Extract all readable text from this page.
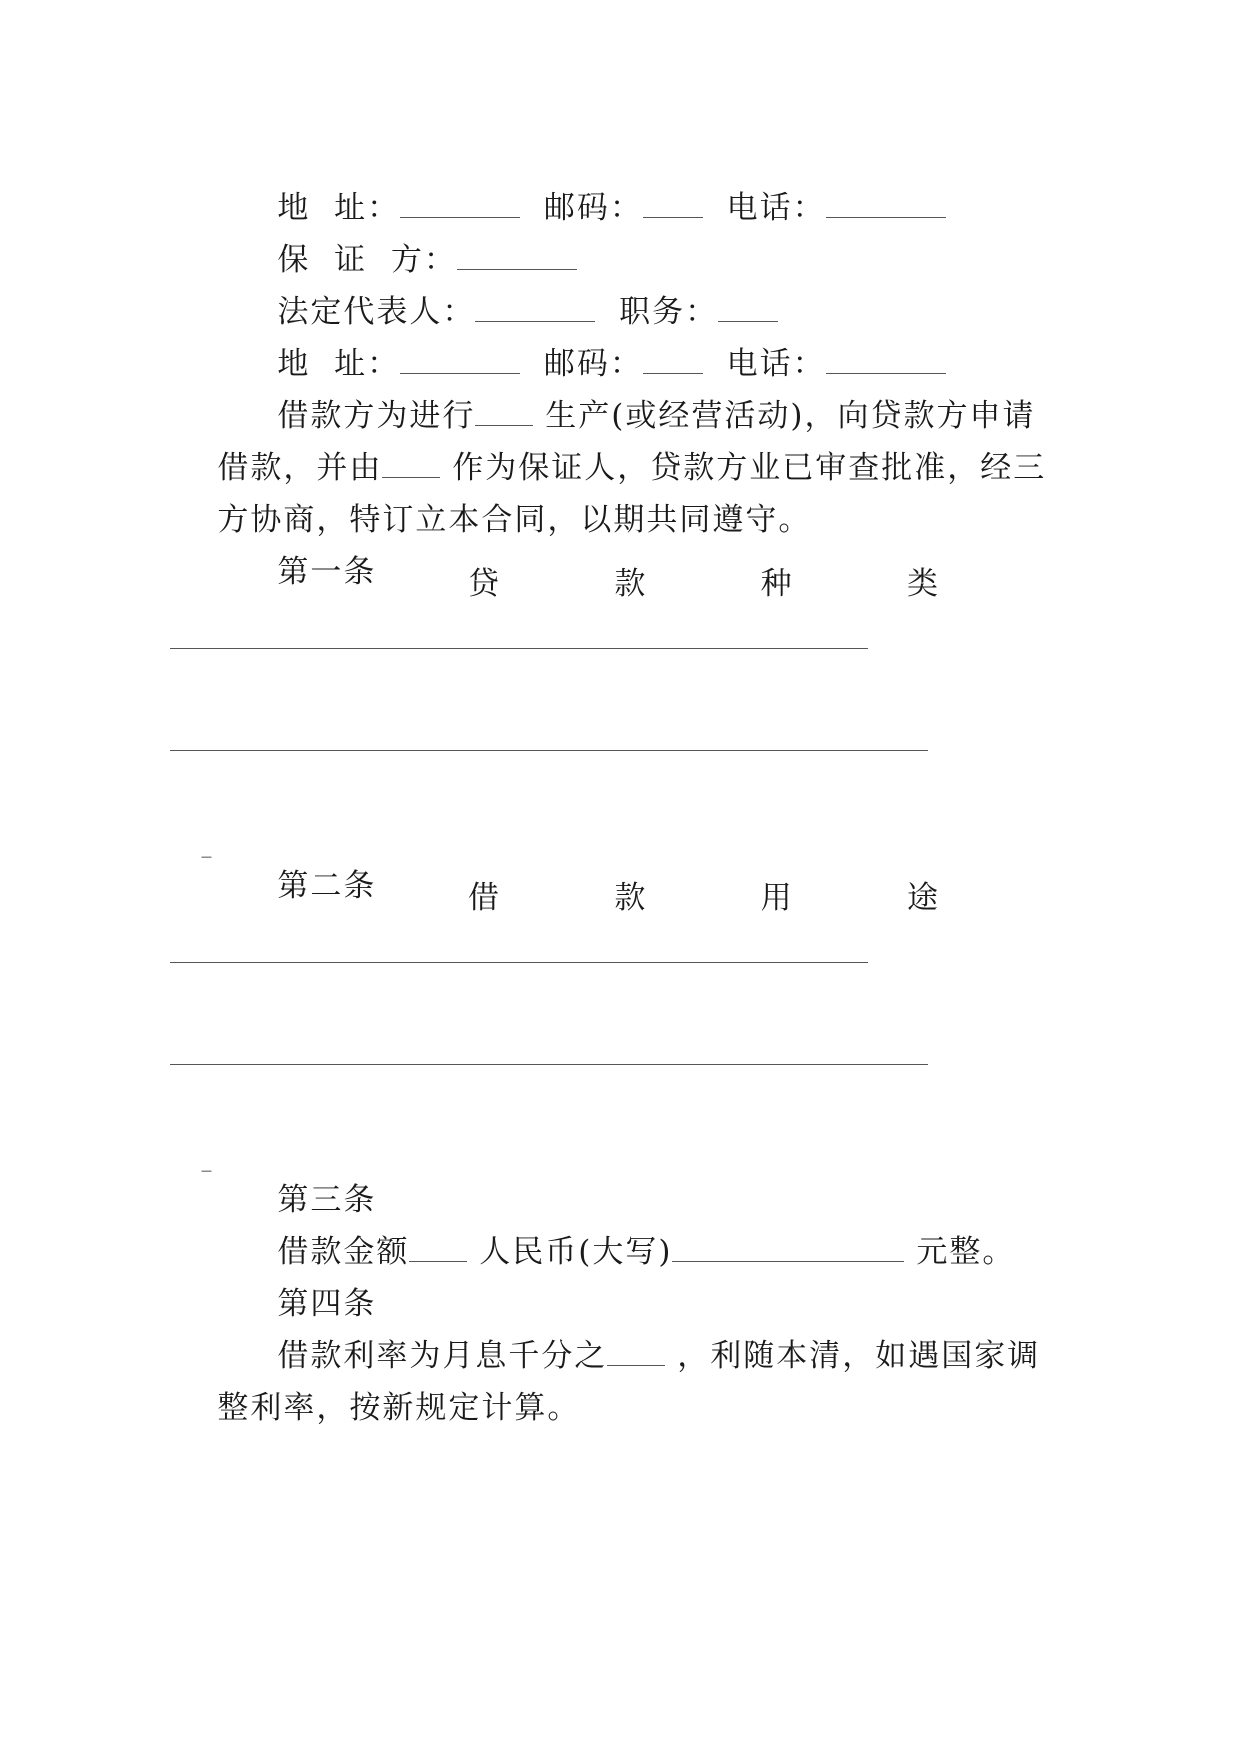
地  址：	邮码：	电话：

保  证  方：

法定代表人：	职务：

地  址：	邮码：	电话：

借款方为进行 生产(或经营活动)，向贷款方申请

借款，并由 作为保证人，贷款方业已审查批准，经三

方协商，特订立本合同，以期共同遵守。

第一条
	贷	款	种	类

_

第二条
	借	款	用	途

_

第三条

借款金额 人民币(大写)	元整。

第四条

借款利率为月息千分之 ，利随本清，如遇国家调

整利率，按新规定计算。
